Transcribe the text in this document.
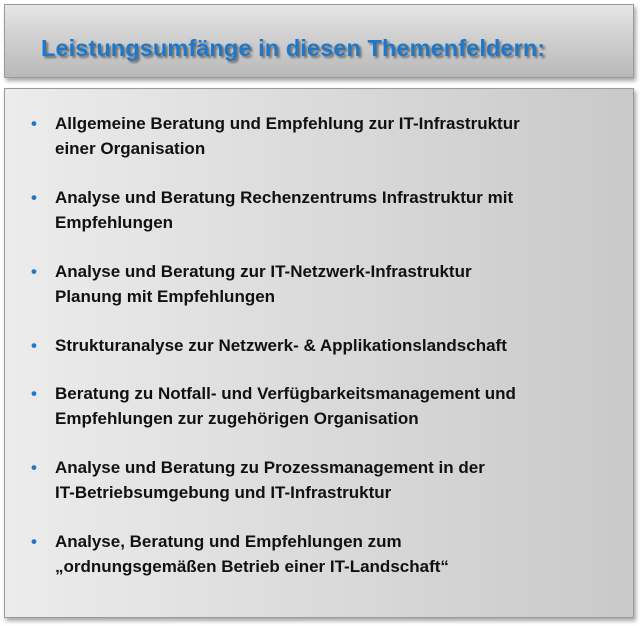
Leistungsumfänge in diesen Themenfeldern:
• Allgemeine Beratung und Empfehlung zur IT-Infrastruktur
einer Organisation
• Analyse und Beratung Rechenzentrums Infrastruktur mit
Empfehlungen
• Analyse und Beratung zur IT-Netzwerk-Infrastruktur
Planung mit Empfehlungen
• Strukturanalyse zur Netzwerk- & Applikationslandschaft
• Beratung zu Notfall- und Verfügbarkeitsmanagement und
Empfehlungen zur zugehörigen Organisation
• Analyse und Beratung zu Prozessmanagement in der
IT-Betriebsumgebung und IT-Infrastruktur
• Analyse, Beratung und Empfehlungen zum
„ordnungsgemäßen Betrieb einer IT-Landschaft“
